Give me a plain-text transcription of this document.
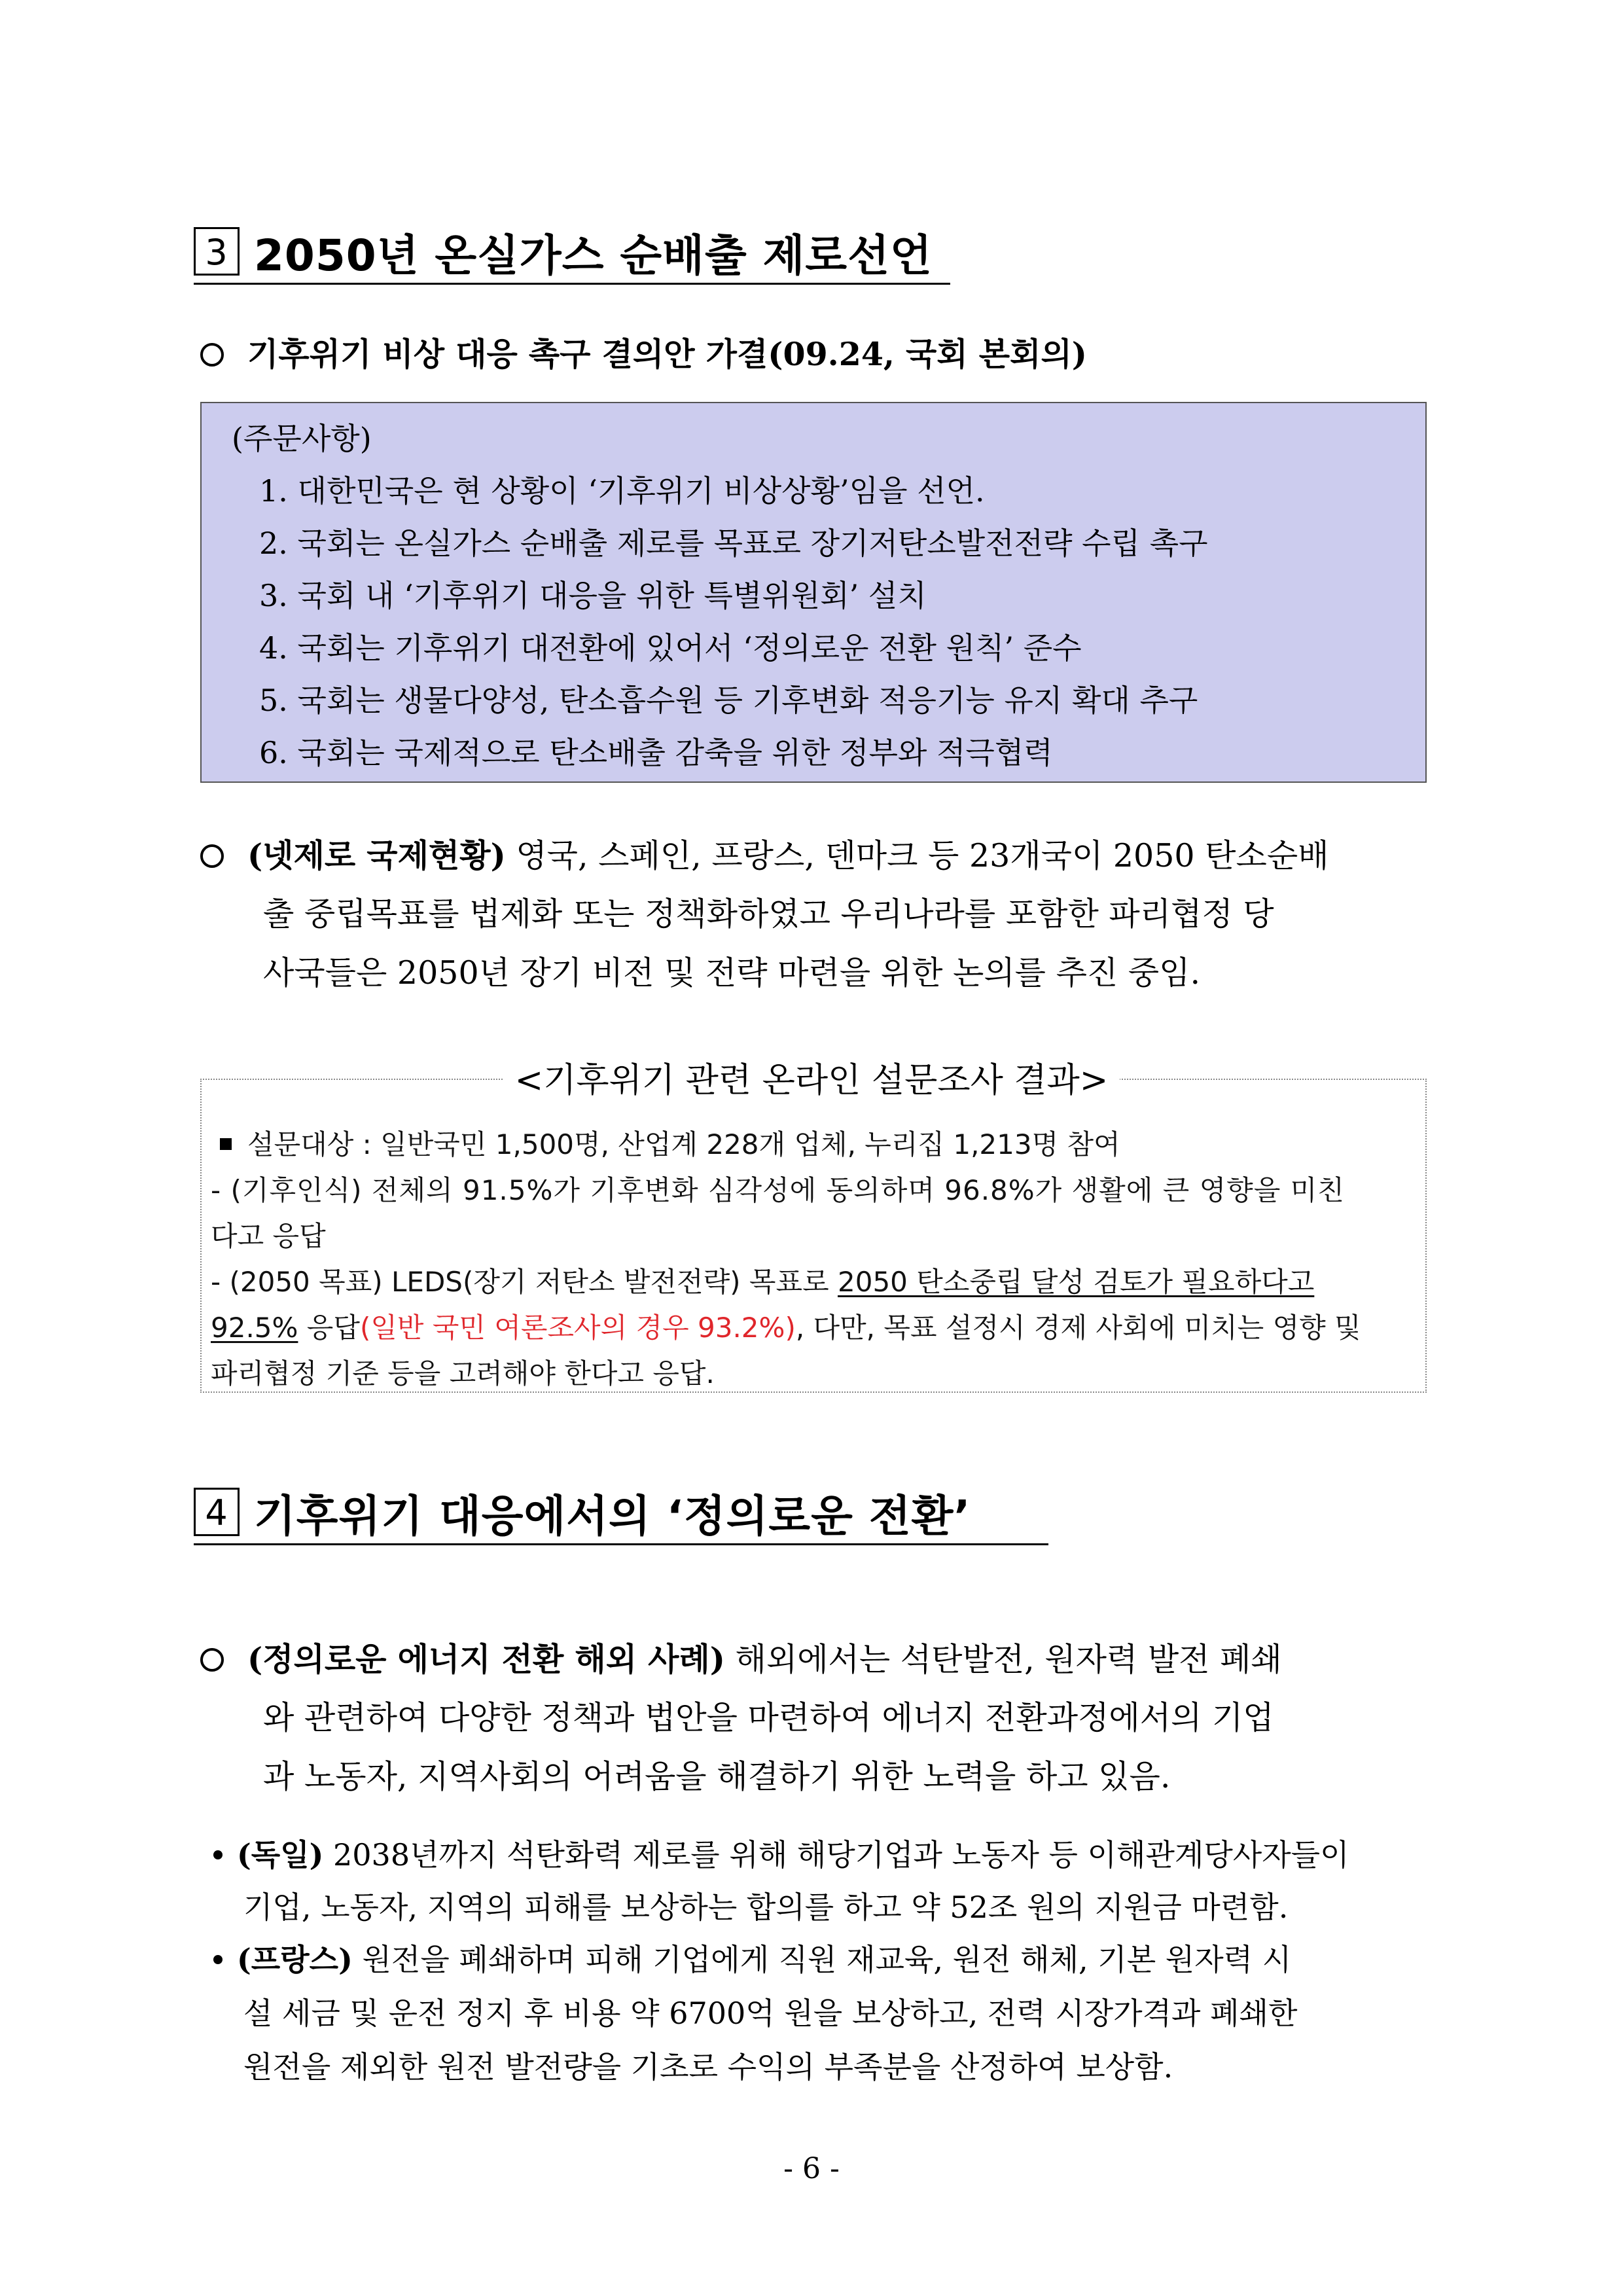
3 2050년 온실가스 순배출 제로선언
기후위기 비상 대응 촉구 결의안 가결(09.24, 국회 본회의)
(주문사항)
1. 대한민국은 현 상황이 ‘기후위기 비상상황’임을 선언.
2. 국회는 온실가스 순배출 제로를 목표로 장기저탄소발전전략 수립 촉구
3. 국회 내 ‘기후위기 대응을 위한 특별위원회’ 설치
4. 국회는 기후위기 대전환에 있어서 ‘정의로운 전환 원칙’ 준수
5. 국회는 생물다양성, 탄소흡수원 등 기후변화 적응기능 유지 확대 추구
6. 국회는 국제적으로 탄소배출 감축을 위한 정부와 적극협력
(넷제로 국제현황) 영국, 스페인, 프랑스, 덴마크 등 23개국이 2050 탄소순배
출 중립목표를 법제화 또는 정책화하였고 우리나라를 포함한 파리협정 당
사국들은 2050년 장기 비전 및 전략 마련을 위한 논의를 추진 중임.
설문대상 : 일반국민 1,500명, 산업계 228개 업체, 누리집 1,213명 참여
- (기후인식) 전체의 91.5%가 기후변화 심각성에 동의하며 96.8%가 생활에 큰 영향을 미친
다고 응답
- (2050 목표) LEDS(장기 저탄소 발전전략) 목표로 2050 탄소중립 달성 검토가 필요하다고
92.5% 응답(일반 국민 여론조사의 경우 93.2%), 다만, 목표 설정시 경제 사회에 미치는 영향 및
파리협정 기준 등을 고려해야 한다고 응답.
<기후위기 관련 온라인 설문조사 결과>
4 기후위기 대응에서의 ‘정의로운 전환’
(정의로운 에너지 전환 해외 사례) 해외에서는 석탄발전, 원자력 발전 폐쇄
와 관련하여 다양한 정책과 법안을 마련하여 에너지 전환과정에서의 기업
과 노동자, 지역사회의 어려움을 해결하기 위한 노력을 하고 있음.
(독일) 2038년까지 석탄화력 제로를 위해 해당기업과 노동자 등 이해관계당사자들이
기업, 노동자, 지역의 피해를 보상하는 합의를 하고 약 52조 원의 지원금 마련함.
(프랑스) 원전을 폐쇄하며 피해 기업에게 직원 재교육, 원전 해체, 기본 원자력 시
설 세금 및 운전 정지 후 비용 약 6700억 원을 보상하고, 전력 시장가격과 폐쇄한
원전을 제외한 원전 발전량을 기초로 수익의 부족분을 산정하여 보상함.
- 6 -
